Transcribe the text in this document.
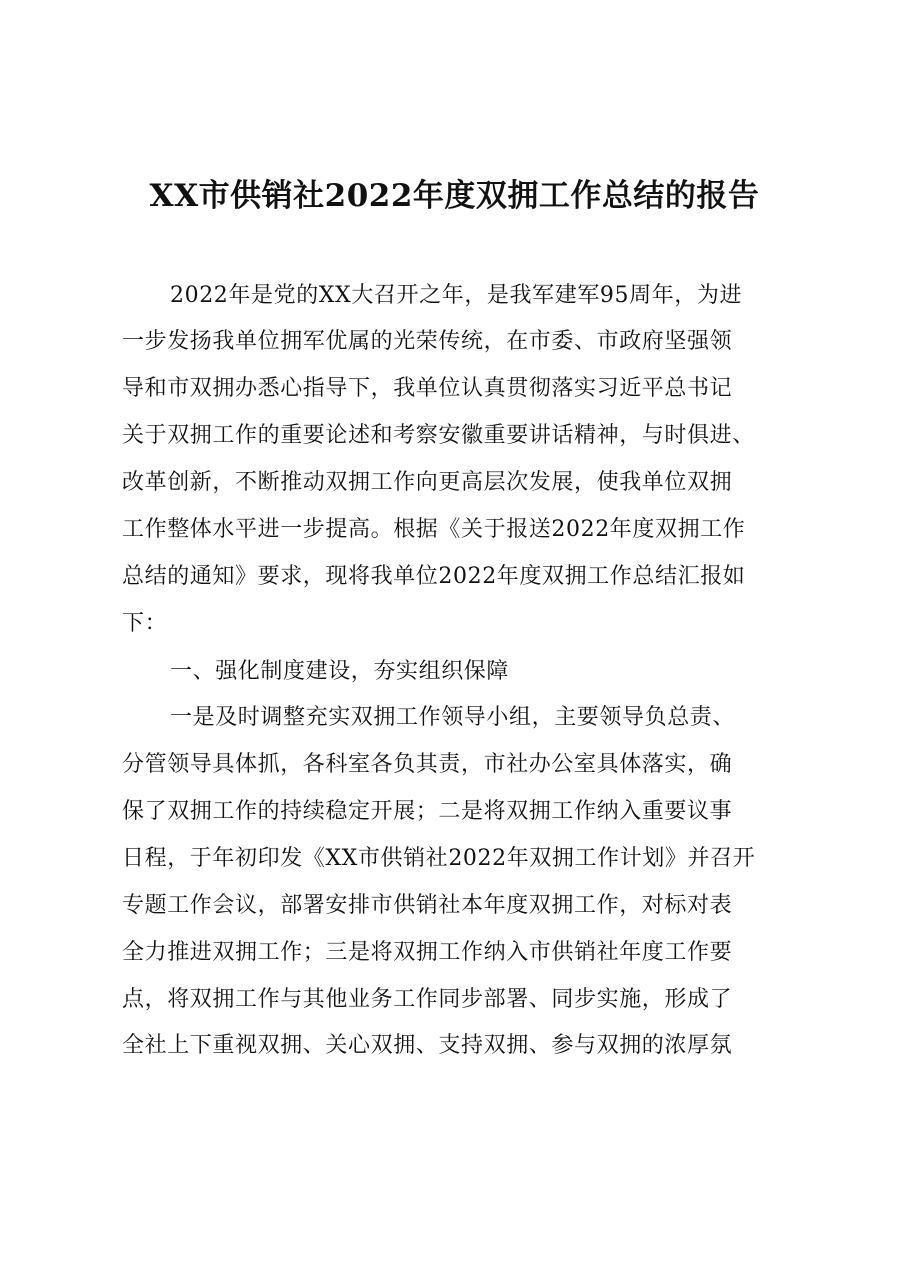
XX市供销社2022年度双拥工作总结的报告
2022年是党的XX大召开之年，是我军建军95周年，为进
一步发扬我单位拥军优属的光荣传统，在市委、市政府坚强领
导和市双拥办悉心指导下，我单位认真贯彻落实习近平总书记
关于双拥工作的重要论述和考察安徽重要讲话精神，与时俱进、
改革创新，不断推动双拥工作向更高层次发展，使我单位双拥
工作整体水平进一步提高。根据《关于报送2022年度双拥工作
总结的通知》要求，现将我单位2022年度双拥工作总结汇报如
下：
一、强化制度建设，夯实组织保障
一是及时调整充实双拥工作领导小组，主要领导负总责、
分管领导具体抓，各科室各负其责，市社办公室具体落实，确
保了双拥工作的持续稳定开展；二是将双拥工作纳入重要议事
日程，于年初印发《XX市供销社2022年双拥工作计划》并召开
专题工作会议，部署安排市供销社本年度双拥工作，对标对表
全力推进双拥工作；三是将双拥工作纳入市供销社年度工作要
点，将双拥工作与其他业务工作同步部署、同步实施，形成了
全社上下重视双拥、关心双拥、支持双拥、参与双拥的浓厚氛
